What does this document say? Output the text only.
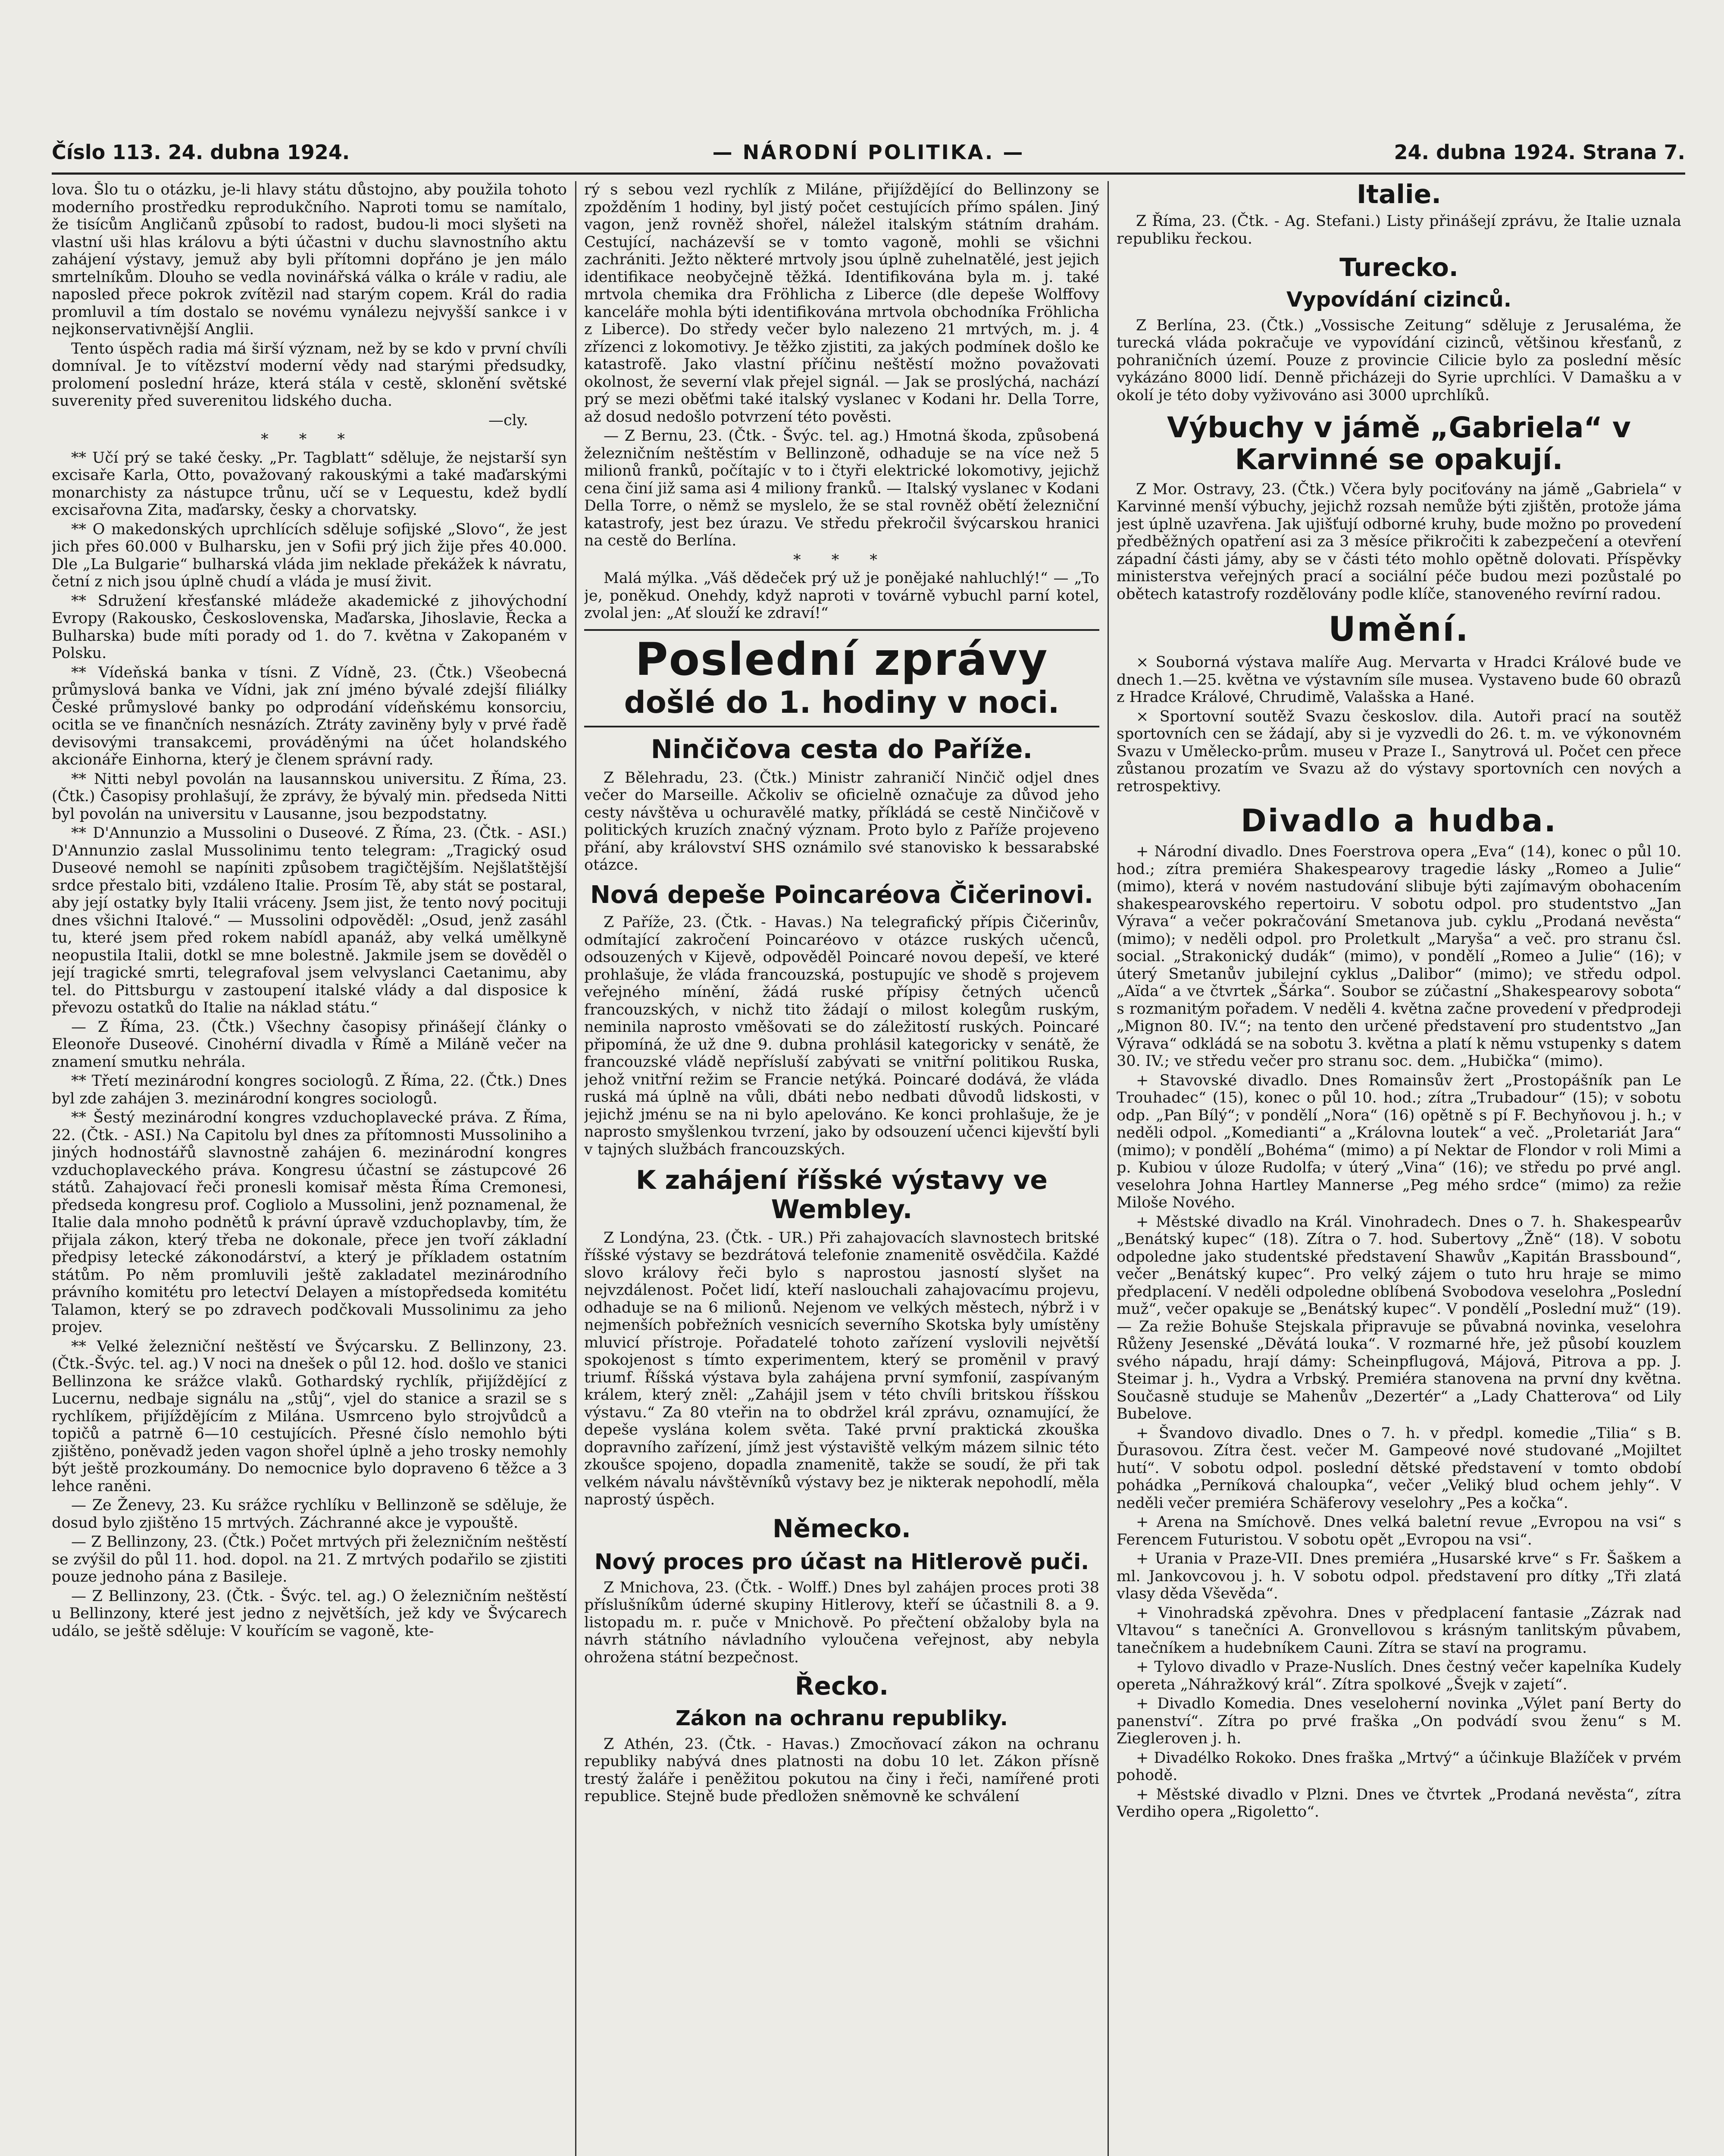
Číslo 113. 24. dubna 1924.	— NÁRODNÍ POLITIKA. —	24. dubna 1924. Strana 7.

lova. Šlo tu o otázku, je-li hlavy státu důstojno, aby použila tohoto moderního prostředku reprodukčního. Naproti tomu se namítalo, že tisícům Angličanů způsobí to radost, budou-li moci slyšeti na vlastní uši hlas královu a býti účastni v duchu slavnostního aktu zahájení výstavy, jemuž aby byli přítomni dopřáno je jen málo smrtelníkům. Dlouho se vedla novinářská válka o krále v radiu, ale naposled přece pokrok zvítězil nad starým copem. Král do radia promluvil a tím dostalo se novému vynálezu nejvyšší sankce i v nejkonservativnější Anglii.

Tento úspěch radia má širší význam, než by se kdo v první chvíli domníval. Je to vítězství moderní vědy nad starými předsudky, prolomení poslední hráze, která stála v cestě, sklonění světské suverenity před suverenitou lidského ducha.

—cly.

* * *

** Učí prý se také česky. „Pr. Tagblatt“ sděluje, že nejstarší syn excisaře Karla, Otto, považovaný rakouskými a také maďarskými monarchisty za nástupce trůnu, učí se v Lequestu, kdež bydlí excisařovna Zita, maďarsky, česky a chorvatsky.

** O makedonských uprchlících sděluje sofijské „Slovo“, že jest jich přes 60.000 v Bulharsku, jen v Sofii prý jich žije přes 40.000. Dle „La Bulgarie“ bulharská vláda jim neklade překážek k návratu, četní z nich jsou úplně chudí a vláda je musí živit.

** Sdružení křesťanské mládeže akademické z jihovýchodní Evropy (Rakousko, Československa, Maďarska, Jihoslavie, Řecka a Bulharska) bude míti porady od 1. do 7. května v Zakopaném v Polsku.

** Vídeňská banka v tísni. Z Vídně, 23. (Čtk.) Všeobecná průmyslová banka ve Vídni, jak zní jméno bývalé zdejší filiálky České průmyslové banky po odprodání vídeňskému konsorciu, ocitla se ve finančních nesnázích. Ztráty zaviněny byly v prvé řadě devisovými transakcemi, prováděnými na účet holandského akcionáře Einhorna, který je členem správní rady.

** Nitti nebyl povolán na lausannskou universitu. Z Říma, 23. (Čtk.) Časopisy prohlašují, že zprávy, že bývalý min. předseda Nitti byl povolán na universitu v Lausanne, jsou bezpodstatny.

** D'Annunzio a Mussolini o Duseové. Z Říma, 23. (Čtk. - ASI.) D'Annunzio zaslal Mussolinimu tento telegram: „Tragický osud Duseové nemohl se napíniti způsobem tragičtějším. Nejšlatštější srdce přestalo biti, vzdáleno Italie. Prosím Tě, aby stát se postaral, aby její ostatky byly Italii vráceny. Jsem jist, že tento nový pocituji dnes všichni Italové.“ — Mussolini odpověděl: „Osud, jenž zasáhl tu, které jsem před rokem nabídl apanáž, aby velká umělkyně neopustila Italii, dotkl se mne bolestně. Jakmile jsem se dověděl o její tragické smrti, telegrafoval jsem velvyslanci Caetanimu, aby tel. do Pittsburgu v zastoupení italské vlády a dal disposice k převozu ostatků do Italie na náklad státu.“

— Z Říma, 23. (Čtk.) Všechny časopisy přinášejí články o Eleonoře Duseové. Cinohérní divadla v Římě a Miláně večer na znamení smutku nehrála.

** Třetí mezinárodní kongres sociologů. Z Říma, 22. (Čtk.) Dnes byl zde zahájen 3. mezinárodní kongres sociologů.

** Šestý mezinárodní kongres vzduchoplavecké práva. Z Říma, 22. (Čtk. - ASI.) Na Capitolu byl dnes za přítomnosti Mussoliniho a jiných hodnostářů slavnostně zahájen 6. mezinárodní kongres vzduchoplaveckého práva. Kongresu účastní se zástupcové 26 států. Zahajovací řeči pronesli komisař města Říma Cremonesi, předseda kongresu prof. Cogliolo a Mussolini, jenž poznamenal, že Italie dala mnoho podnětů k právní úpravě vzduchoplavby, tím, že přijala zákon, který třeba ne dokonale, přece jen tvoří základní předpisy letecké zákonodárství, a který je příkladem ostatním státům. Po něm promluvili ještě zakladatel mezinárodního právního komitétu pro letectví Delayen a místopředseda komitétu Talamon, který se po zdravech podčkovali Mussolinimu za jeho projev.

** Velké železniční neštěstí ve Švýcarsku. Z Bellinzony, 23. (Čtk.-Švýc. tel. ag.) V noci na dnešek o půl 12. hod. došlo ve stanici Bellinzona ke srážce vlaků. Gothardský rychlík, přijíždějící z Lucernu, nedbaje signálu na „stůj“, vjel do stanice a srazil se s rychlíkem, přijíždějícím z Milána. Usmrceno bylo strojvůdců a topičů a patrně 6—10 cestujících. Přesné číslo nemohlo býti zjištěno, poněvadž jeden vagon shořel úplně a jeho trosky nemohly být ještě prozkoumány. Do nemocnice bylo dopraveno 6 těžce a 3 lehce raněni.

— Ze Ženevy, 23. Ku srážce rychlíku v Bellinzoně se sděluje, že dosud bylo zjištěno 15 mrtvých. Záchranné akce je vypouště.

— Z Bellinzony, 23. (Čtk.) Počet mrtvých při železničním neštěstí se zvýšil do půl 11. hod. dopol. na 21. Z mrtvých podařilo se zjistiti pouze jednoho pána z Basileje.

— Z Bellinzony, 23. (Čtk. - Švýc. tel. ag.) O železničním neštěstí u Bellinzony, které jest jedno z největších, jež kdy ve Švýcarech událo, se ještě sděluje: V kouřícím se vagoně, kte-

rý s sebou vezl rychlík z Miláne, přijíždějící do Bellinzony se zpožděním 1 hodiny, byl jistý počet cestujících přímo spálen. Jiný vagon, jenž rovněž shořel, náležel italským státním drahám. Cestující, nacházevší se v tomto vagoně, mohli se všichni zachrániti. Ježto některé mrtvoly jsou úplně zuhelnatělé, jest jejich identifikace neobyčejně těžká. Identifikována byla m. j. také mrtvola chemika dra Fröhlicha z Liberce (dle depeše Wolffovy kanceláře mohla býti identifikována mrtvola obchodníka Fröhlicha z Liberce). Do středy večer bylo nalezeno 21 mrtvých, m. j. 4 zřízenci z lokomotivy. Je těžko zjistiti, za jakých podmínek došlo ke katastrofě. Jako vlastní příčinu neštěstí možno považovati okolnost, že severní vlak přejel signál. — Jak se proslýchá, nachází prý se mezi oběťmi také italský vyslanec v Kodani hr. Della Torre, až dosud nedošlo potvrzení této pověsti.

— Z Bernu, 23. (Čtk. - Švýc. tel. ag.) Hmotná škoda, způsobená železničním neštěstím v Bellinzoně, odhaduje se na více než 5 milionů franků, počítajíc v to i čtyři elektrické lokomotivy, jejichž cena činí již sama asi 4 miliony franků. — Italský vyslanec v Kodani Della Torre, o němž se myslelo, že se stal rovněž obětí železniční katastrofy, jest bez úrazu. Ve středu překročil švýcarskou hranici na cestě do Berlína.

* * *

Malá mýlka. „Váš dědeček prý už je ponějaké nahluchlý!“ — „To je, poněkud. Onehdy, když naproti v továrně vybuchl parní kotel, zvolal jen: „Ať slouží ke zdraví!“

Poslední zprávy
došlé do 1. hodiny v noci.
Ninčičova cesta do Paříže.

Z Bělehradu, 23. (Čtk.) Ministr zahraničí Ninčič odjel dnes večer do Marseille. Ačkoliv se oficielně označuje za důvod jeho cesty návštěva u ochuravělé matky, příkládá se cestě Ninčičově v politických kruzích značný význam. Proto bylo z Paříže projeveno přání, aby království SHS oznámilo své stanovisko k bessarabské otázce.

Nová depeše Poincaréova Čičerinovi.

Z Paříže, 23. (Čtk. - Havas.) Na telegrafický přípis Čičerinův, odmítající zakročení Poincaréovo v otázce ruských učenců, odsouzených v Kijevě, odpověděl Poincaré novou depeší, ve které prohlašuje, že vláda francouzská, postupujíc ve shodě s projevem veřejného mínění, žádá ruské přípisy četných učenců francouzských, v nichž tito žádají o milost kolegům ruským, neminila naprosto vměšovati se do záležitostí ruských. Poincaré připomíná, že už dne 9. dubna prohlásil kategoricky v senátě, že francouzské vládě nepřísluší zabývati se vnitřní politikou Ruska, jehož vnitřní režim se Francie netýká. Poincaré dodává, že vláda ruská má úplně na vůli, dbáti nebo nedbati důvodů lidskosti, v jejichž jménu se na ni bylo apelováno. Ke konci prohlašuje, že je naprosto smyšlenkou tvrzení, jako by odsouzení učenci kijevští byli v tajných službách francouzských.

K zahájení říšské výstavy ve Wembley.

Z Londýna, 23. (Čtk. - UR.) Při zahajovacích slavnostech britské říšské výstavy se bezdrátová telefonie znamenitě osvědčila. Každé slovo královy řeči bylo s naprostou jasností slyšet na nejvzdálenost. Počet lidí, kteří naslouchali zahajovacímu projevu, odhaduje se na 6 milionů. Nejenom ve velkých městech, nýbrž i v nejmenších pobřežních vesnicích severního Skotska byly umístěny mluvicí přístroje. Pořadatelé tohoto zařízení vyslovili největší spokojenost s tímto experimentem, který se proměnil v pravý triumf. Říšská výstava byla zahájena první symfonií, zaspívaným králem, který zněl: „Zahájil jsem v této chvíli britskou říšskou výstavu.“ Za 80 vteřin na to obdržel král zprávu, oznamující, že depeše vyslána kolem světa. Také první praktická zkouška dopravního zařízení, jímž jest výstaviště velkým mázem silnic této zkoušce spojeno, dopadla znamenitě, takže se soudí, že při tak velkém návalu návštěvníků výstavy bez je nikterak nepohodlí, měla naprostý úspěch.

Německo.
Nový proces pro účast na Hitlerově puči.

Z Mnichova, 23. (Čtk. - Wolff.) Dnes byl zahájen proces proti 38 příslušníkům úderné skupiny Hitlerovy, kteří se účastnili 8. a 9. listopadu m. r. puče v Mnichově. Po přečtení obžaloby byla na návrh státního návladního vyloučena veřejnost, aby nebyla ohrožena státní bezpečnost.

Řecko.
Zákon na ochranu republiky.

Z Athén, 23. (Čtk. - Havas.) Zmocňovací zákon na ochranu republiky nabývá dnes platnosti na dobu 10 let. Zákon přísně trestý žaláře i peněžitou pokutou na činy i řeči, namířené proti republice. Stejně bude předložen sněmovně ke schválení

Italie.

Z Říma, 23. (Čtk. - Ag. Stefani.) Listy přinášejí zprávu, že Italie uznala republiku řeckou.

Turecko.
Vypovídání cizinců.

Z Berlína, 23. (Čtk.) „Vossische Zeitung“ sděluje z Jerusaléma, že turecká vláda pokračuje ve vypovídání cizinců, většinou křesťanů, z pohraničních území. Pouze z provincie Cilicie bylo za poslední měsíc vykázáno 8000 lidí. Denně přicházeji do Syrie uprchlíci. V Damašku a v okolí je této doby vyživováno asi 3000 uprchlíků.

Výbuchy v jámě „Gabriela“ v Karvinné se opakují.

Z Mor. Ostravy, 23. (Čtk.) Včera byly pociťovány na jámě „Gabriela“ v Karvinné menší výbuchy, jejichž rozsah nemůže býti zjištěn, protože jáma jest úplně uzavřena. Jak ujišťují odborné kruhy, bude možno po provedení předběžných opatření asi za 3 měsíce přikročiti k zabezpečení a otevření západní části jámy, aby se v části této mohlo opětně dolovati. Příspěvky ministerstva veřejných prací a sociální péče budou mezi pozůstalé po obětech katastrofy rozdělovány podle klíče, stanoveného revírní radou.

Umění.

× Souborná výstava malíře Aug. Mervarta v Hradci Králové bude ve dnech 1.—25. května ve výstavním síle musea. Vystaveno bude 60 obrazů z Hradce Králové, Chrudimě, Valašska a Hané.

× Sportovní soutěž Svazu českoslov. dila. Autoři prací na soutěž sportovních cen se žádají, aby si je vyzvedli do 26. t. m. ve výkonovném Svazu v Umělecko-prům. museu v Praze I., Sanytrová ul. Počet cen přece zůstanou prozatím ve Svazu až do výstavy sportovních cen nových a retrospektivy.

Divadlo a hudba.

+ Národní divadlo. Dnes Foerstrova opera „Eva“ (14), konec o půl 10. hod.; zítra premiéra Shakespearovy tragedie lásky „Romeo a Julie“ (mimo), která v novém nastudování slibuje býti zajímavým obohacením shakespearovského repertoiru. V sobotu odpol. pro studentstvo „Jan Výrava“ a večer pokračování Smetanova jub. cyklu „Prodaná nevěsta“ (mimo); v neděli odpol. pro Proletkult „Maryša“ a več. pro stranu čsl. social. „Strakonický dudák“ (mimo), v pondělí „Romeo a Julie“ (16); v úterý Smetanův jubilejní cyklus „Dalibor“ (mimo); ve středu odpol. „Aïda“ a ve čtvrtek „Šárka“. Soubor se zúčastní „Shakespearovy sobota“ s rozmanitým pořadem. V neděli 4. května začne provedení v předprodeji „Mignon 80. IV.“; na tento den určené představení pro studentstvo „Jan Výrava“ odkládá se na sobotu 3. května a platí k němu vstupenky s datem 30. IV.; ve středu večer pro stranu soc. dem. „Hubička“ (mimo).

+ Stavovské divadlo. Dnes Romainsův žert „Prostopášník pan Le Trouhadec“ (15), konec o půl 10. hod.; zítra „Trubadour“ (15); v sobotu odp. „Pan Bílý“; v pondělí „Nora“ (16) opětně s pí F. Bechyňovou j. h.; v neděli odpol. „Komedianti“ a „Královna loutek“ a več. „Proletariát Jara“ (mimo); v pondělí „Bohéma“ (mimo) a pí Nektar de Flondor v roli Mimi a p. Kubiou v úloze Rudolfa; v úterý „Vina“ (16); ve středu po prvé angl. veselohra Johna Hartley Mannerse „Peg mého srdce“ (mimo) za režie Miloše Nového.

+ Městské divadlo na Král. Vinohradech. Dnes o 7. h. Shakespearův „Benátský kupec“ (18). Zítra o 7. hod. Subertovy „Žně“ (18). V sobotu odpoledne jako studentské představení Shawův „Kapitán Brassbound“, večer „Benátský kupec“. Pro velký zájem o tuto hru hraje se mimo předplacení. V neděli odpoledne oblíbená Svobodova veselohra „Poslední muž“, večer opakuje se „Benátský kupec“. V pondělí „Poslední muž“ (19). — Za režie Bohuše Stejskala připravuje se půvabná novinka, veselohra Růženy Jesenské „Děvátá louka“. V rozmarné hře, jež působí kouzlem svého nápadu, hrají dámy: Scheinpflugová, Májová, Pitrova a pp. J. Steimar j. h., Vydra a Vrbský. Premiéra stanovena na první dny května. Současně studuje se Mahenův „Dezertér“ a „Lady Chatterova“ od Lily Bubelove.

+ Švandovo divadlo. Dnes o 7. h. v předpl. komedie „Tilia“ s B. Ďurasovou. Zítra čest. večer M. Gampeové nové studované „Mojiltet hutí“. V sobotu odpol. poslední dětské představení v tomto období pohádka „Perníková chaloupka“, večer „Veliký blud ochem jehly“. V neděli večer premiéra Schäferovy veselohry „Pes a kočka“.

+ Arena na Smíchově. Dnes velká baletní revue „Evropou na vsi“ s Ferencem Futuristou. V sobotu opět „Evropou na vsi“.

+ Urania v Praze-VII. Dnes premiéra „Husarské krve“ s Fr. Šaškem a ml. Jankovcovou j. h. V sobotu odpol. představení pro dítky „Tři zlatá vlasy děda Vševěda“.

+ Vinohradská zpěvohra. Dnes v předplacení fantasie „Zázrak nad Vltavou“ s tanečníci A. Gronvellovou s krásným tanlitským půvabem, tanečníkem a hudebníkem Cauni. Zítra se staví na programu.

+ Tylovo divadlo v Praze-Nuslích. Dnes čestný večer kapelníka Kudely opereta „Náhražkový král“. Zítra spolkové „Švejk v zajetí“.

+ Divadlo Komedia. Dnes veseloherní novinka „Výlet paní Berty do panenství“. Zítra po prvé fraška „On podvádí svou ženu“ s M. Ziegleroven j. h.

+ Divadélko Rokoko. Dnes fraška „Mrtvý“ a účinkuje Blažíček v prvém pohodě.

+ Městské divadlo v Plzni. Dnes ve čtvrtek „Prodaná nevěsta“, zítra Verdiho opera „Rigoletto“.
